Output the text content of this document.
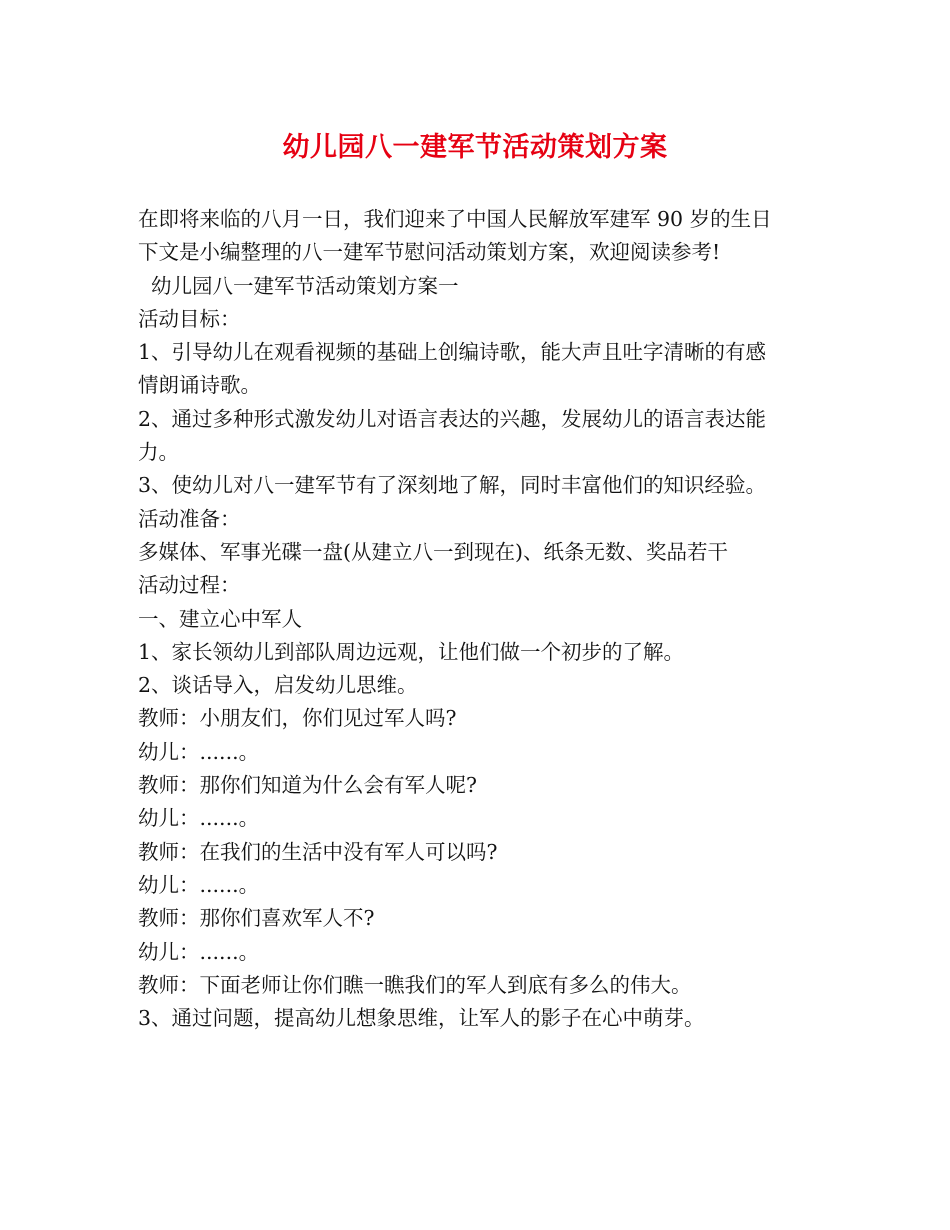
幼儿园八一建军节活动策划方案
在即将来临的八月一日，我们迎来了中国人民解放军建军 90 岁的生日
下文是小编整理的八一建军节慰问活动策划方案，欢迎阅读参考!
幼儿园八一建军节活动策划方案一
活动目标：
1、引导幼儿在观看视频的基础上创编诗歌，能大声且吐字清晰的有感
情朗诵诗歌。
2、通过多种形式激发幼儿对语言表达的兴趣，发展幼儿的语言表达能
力。
3、使幼儿对八一建军节有了深刻地了解，同时丰富他们的知识经验。
活动准备：
多媒体、军事光碟一盘(从建立八一到现在)、纸条无数、奖品若干
活动过程：
一、建立心中军人
1、家长领幼儿到部队周边远观，让他们做一个初步的了解。
2、谈话导入，启发幼儿思维。
教师：小朋友们，你们见过军人吗?
幼儿：......。
教师：那你们知道为什么会有军人呢?
幼儿：......。
教师：在我们的生活中没有军人可以吗?
幼儿：......。
教师：那你们喜欢军人不?
幼儿：......。
教师：下面老师让你们瞧一瞧我们的军人到底有多么的伟大。
3、通过问题，提高幼儿想象思维，让军人的影子在心中萌芽。
